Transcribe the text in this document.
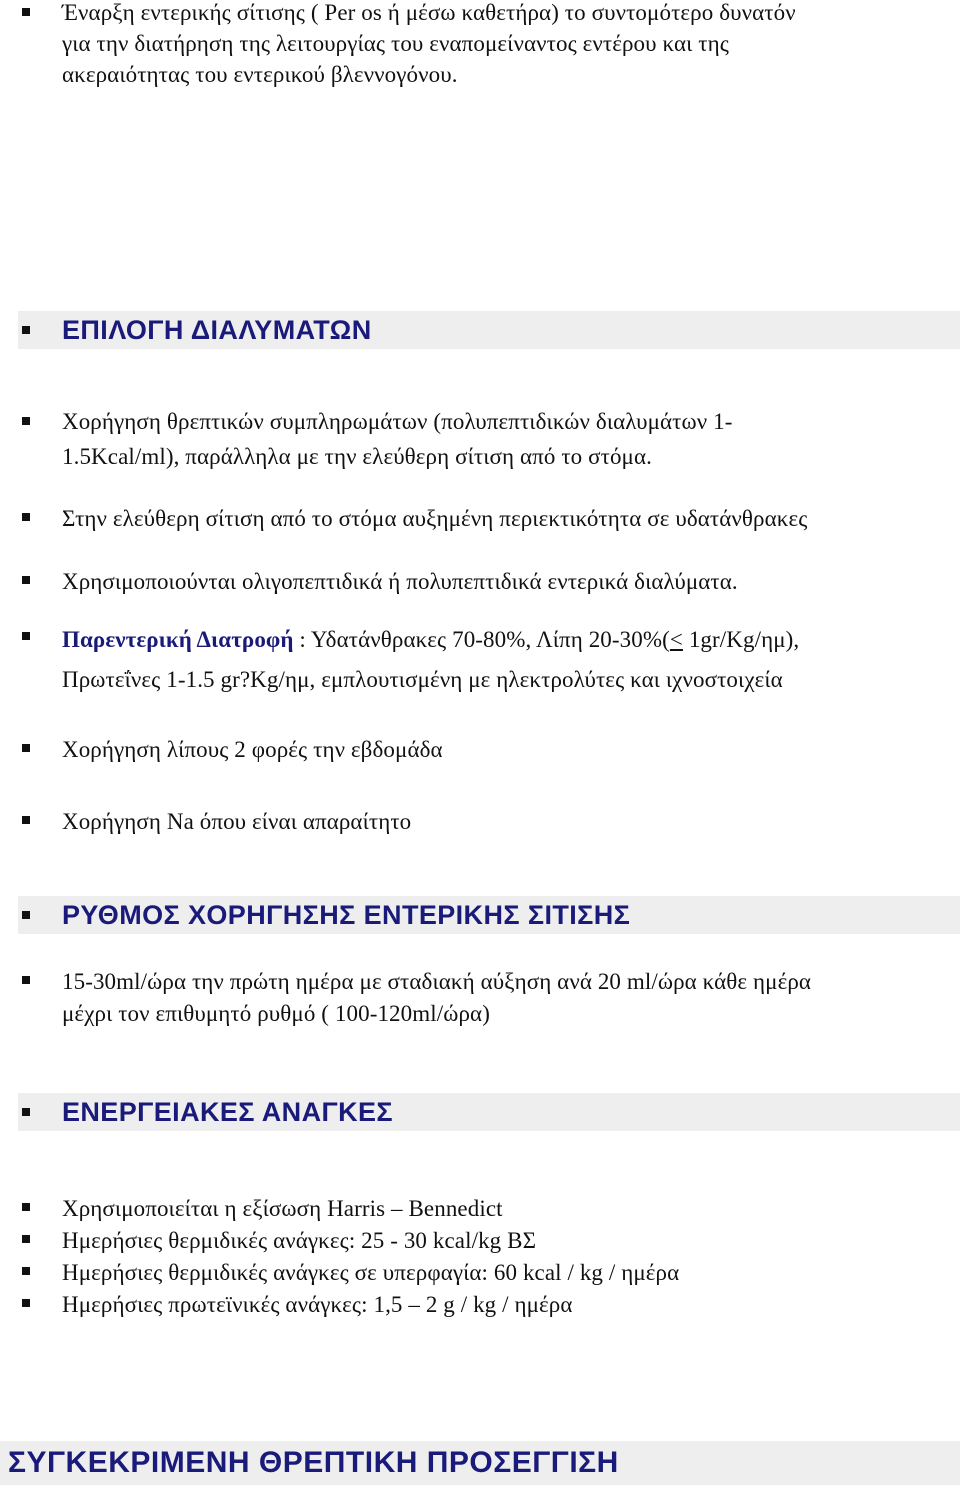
Έναρξη εντερικής σίτισης ( Per os ή μέσω καθετήρα) το συντομότερο δυνατόν
για την διατήρηση της λειτουργίας του εναπομείναντος εντέρου και της
ακεραιότητας του εντερικού βλεννογόνου.
ΕΠΙΛΟΓΗ ΔΙΑΛΥΜΑΤΩΝ
Χορήγηση θρεπτικών συμπληρωμάτων (πολυπεπτιδικών διαλυμάτων 1-
1.5Kcal/ml), παράλληλα με την ελεύθερη σίτιση από το στόμα.
Στην ελεύθερη σίτιση από το στόμα αυξημένη περιεκτικότητα σε υδατάνθρακες
Χρησιμοποιούνται ολιγοπεπτιδικά ή πολυπεπτιδικά εντερικά διαλύματα.
Παρεντερική Διατροφή : Υδατάνθρακες 70-80%, Λίπη 20-30%(≤ 1gr/Kg/ημ),
Πρωτεΐνες 1-1.5 gr?Kg/ημ, εμπλουτισμένη με ηλεκτρολύτες και ιχνοστοιχεία
Χορήγηση λίπους 2 φορές την εβδομάδα
Χορήγηση Na όπου είναι απαραίτητο
ΡΥΘΜΟΣ ΧΟΡΗΓΗΣΗΣ ΕΝΤΕΡΙΚΗΣ ΣΙΤΙΣΗΣ
15-30ml/ώρα την πρώτη ημέρα με σταδιακή αύξηση ανά 20 ml/ώρα κάθε ημέρα
μέχρι τον επιθυμητό ρυθμό ( 100-120ml/ώρα)
ΕΝΕΡΓΕΙΑΚΕΣ ΑΝΑΓΚΕΣ
Χρησιμοποιείται η εξίσωση Harris – Bennedict
Ημερήσιες θερμιδικές ανάγκες: 25 - 30 kcal/kg ΒΣ
Ημερήσιες θερμιδικές ανάγκες σε υπερφαγία: 60 kcal / kg / ημέρα
Ημερήσιες πρωτεϊνικές ανάγκες: 1,5 – 2 g / kg / ημέρα
ΣΥΓΚΕΚΡΙΜΕΝΗ ΘΡΕΠΤΙΚΗ ΠΡΟΣΕΓΓΙΣΗ
